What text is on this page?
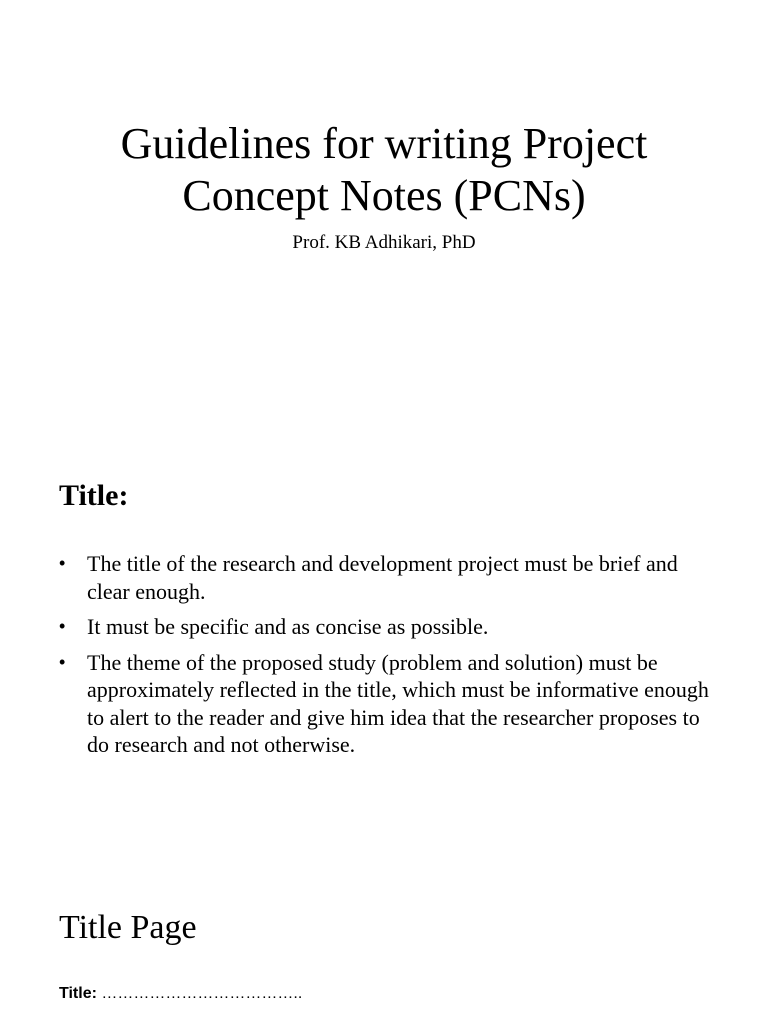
Guidelines for writing Project
Concept Notes (PCNs)
Prof. KB Adhikari, PhD
Title:
• The title of the research and development project must be brief and clear enough.
• It must be specific and as concise as possible.
• The theme of the proposed study (problem and solution) must be approximately reflected in the title, which must be informative enough to alert to the reader and give him idea that the researcher proposes to do research and not otherwise.
Title Page
Title: ………………………………..
